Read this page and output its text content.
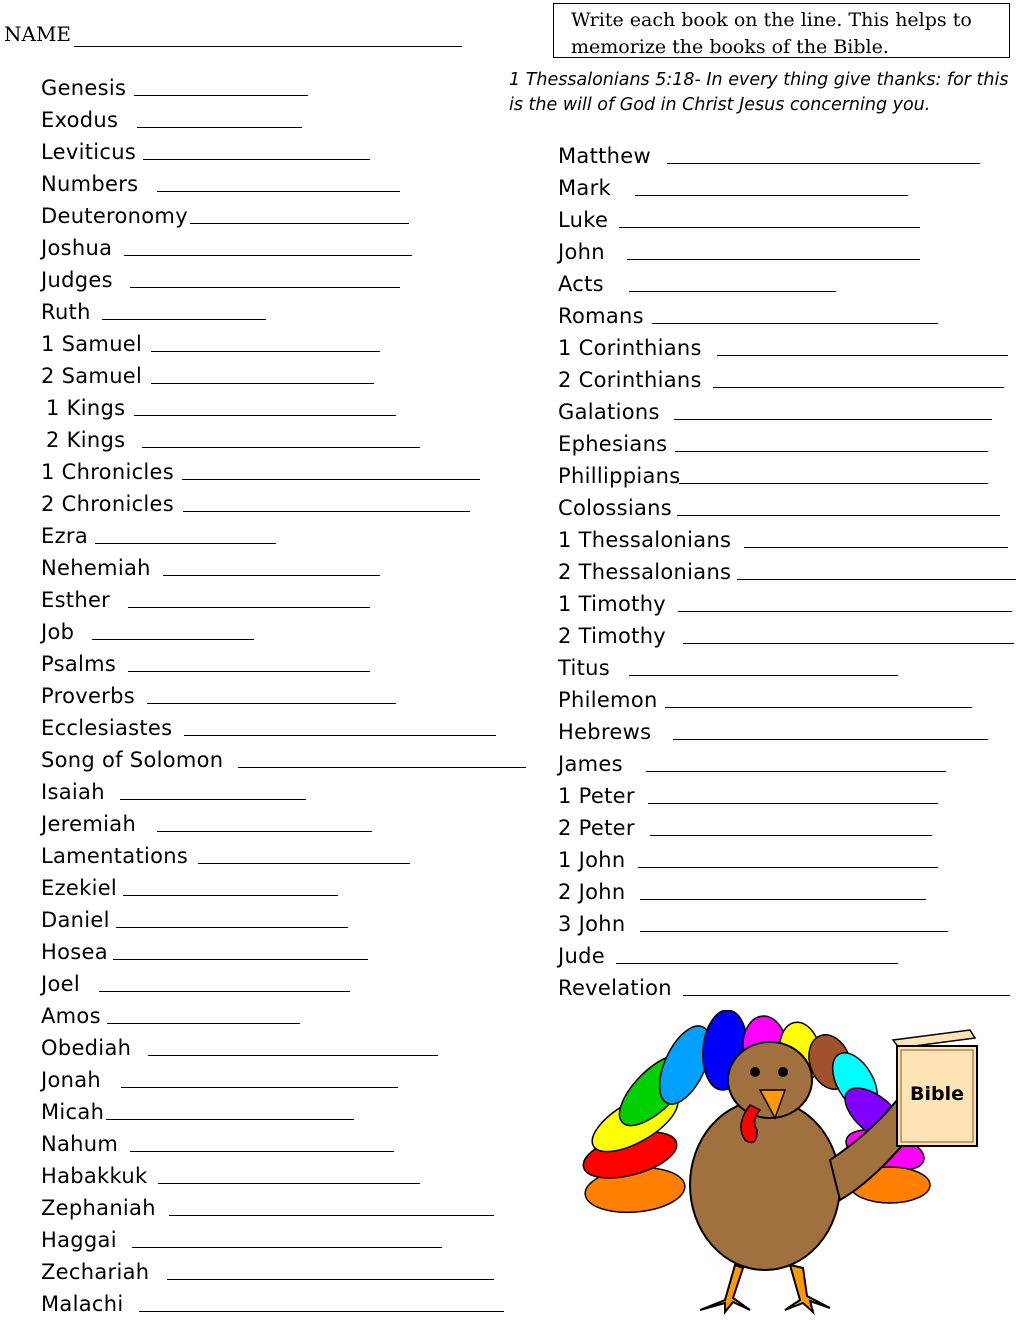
NAME
Write each book on the line. This helps to
memorize the books of the Bible.
1 Thessalonians 5:18- In every thing give thanks: for this
is the will of God in Christ Jesus concerning you.
Genesis
Exodus
Leviticus
Numbers
Deuteronomy
Joshua
Judges
Ruth
1 Samuel
2 Samuel
1 Kings
2 Kings
1 Chronicles
2 Chronicles
Ezra
Nehemiah
Esther
Job
Psalms
Proverbs
Ecclesiastes
Song of Solomon
Isaiah
Jeremiah
Lamentations
Ezekiel
Daniel
Hosea
Joel
Amos
Obediah
Jonah
Micah
Nahum
Habakkuk
Zephaniah
Haggai
Zechariah
Malachi
Matthew
Mark
Luke
John
Acts
Romans
1 Corinthians
2 Corinthians
Galations
Ephesians
Phillippians
Colossians
1 Thessalonians
2 Thessalonians
1 Timothy
2 Timothy
Titus
Philemon
Hebrews
James
1 Peter
2 Peter
1 John
2 John
3 John
Jude
Revelation
Bible
